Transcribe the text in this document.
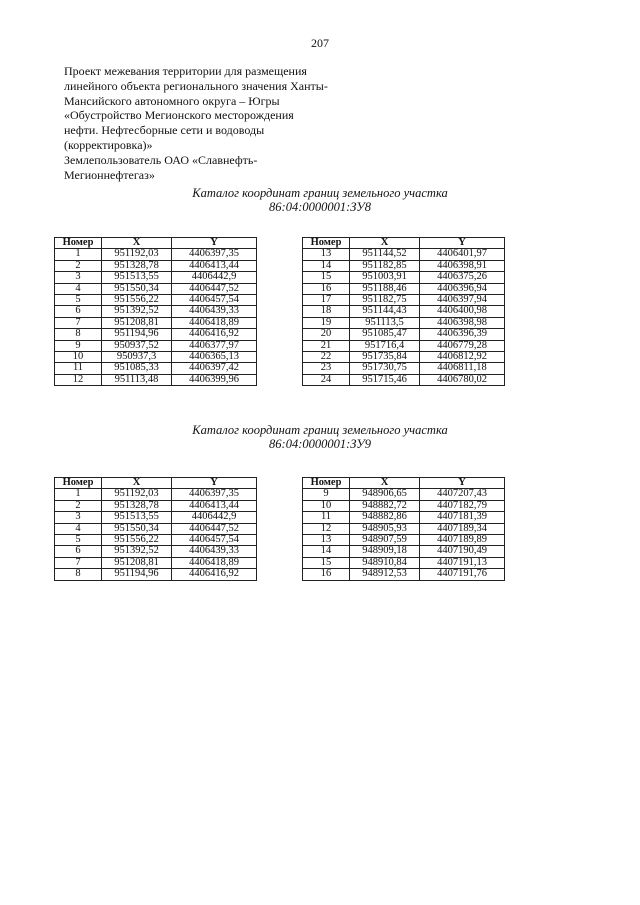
207
Проект межевания территории для размещения
линейного объекта регионального значения Ханты-
Мансийского автономного округа – Югры
«Обустройство Мегионского месторождения
нефти. Нефтесборные сети и водоводы
(корректировка)»
Землепользователь ОАО «Славнефть-
Мегионнефтегаз»
Каталог координат границ земельного участка
86:04:0000001:ЗУ8
Номер	X	Y
1	951192,03	4406397,35
2	951328,78	4406413,44
3	951513,55	4406442,9
4	951550,34	4406447,52
5	951556,22	4406457,54
6	951392,52	4406439,33
7	951208,81	4406418,89
8	951194,96	4406416,92
9	950937,52	4406377,97
10	950937,3	4406365,13
11	951085,33	4406397,42
12	951113,48	4406399,96
Номер	X	Y
13	951144,52	4406401,97
14	951182,85	4406398,91
15	951003,91	4406375,26
16	951188,46	4406396,94
17	951182,75	4406397,94
18	951144,43	4406400,98
19	951113,5	4406398,98
20	951085,47	4406396,39
21	951716,4	4406779,28
22	951735,84	4406812,92
23	951730,75	4406811,18
24	951715,46	4406780,02
Каталог координат границ земельного участка
86:04:0000001:ЗУ9
Номер	X	Y
1	951192,03	4406397,35
2	951328,78	4406413,44
3	951513,55	4406442,9
4	951550,34	4406447,52
5	951556,22	4406457,54
6	951392,52	4406439,33
7	951208,81	4406418,89
8	951194,96	4406416,92
Номер	X	Y
9	948906,65	4407207,43
10	948882,72	4407182,79
11	948882,86	4407181,39
12	948905,93	4407189,34
13	948907,59	4407189,89
14	948909,18	4407190,49
15	948910,84	4407191,13
16	948912,53	4407191,76
